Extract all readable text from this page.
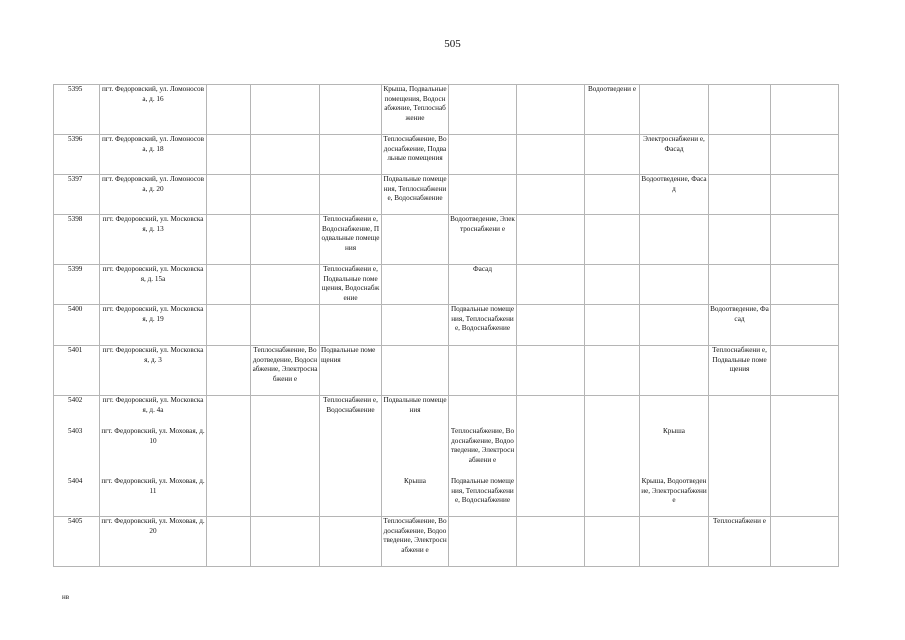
505
5395	пгт. Федоровский, ул. Ломоносова, д. 16				Крыша, Подвальные помещения, Водоснабжение, Теплоснабжение			Водоотведени е			
5396	пгт. Федоровский, ул. Ломоносова, д. 18				Теплоснабжение, Водоснабжение, Подвальные помещения				Электроснабжени е, Фасад		
5397	пгт. Федоровский, ул. Ломоносова, д. 20				Подвальные помещения, Теплоснабжение, Водоснабжение				Водоотведение, Фасад		
5398	пгт. Федоровский, ул. Московская, д. 13			Теплоснабжени е, Водоснабжение, Подвальные помещения		Водоотведение, Электроснабжени е					
5399	пгт. Федоровский, ул. Московская, д. 15а			Теплоснабжени е, Подвальные помещения, Водоснабжение		Фасад					
5400	пгт. Федоровский, ул. Московская, д. 19					Подвальные помещения, Теплоснабжение, Водоснабжение				Водоотведение, Фасад	
5401	пгт. Федоровский, ул. Московская, д. 3		Теплоснабжение, Водоотведение, Водоснабжение, Электроснабжени е	Подвальные помещения						Теплоснабжени е, Подвальные помещения	
5402	пгт. Федоровский, ул. Московская, д. 4а			Теплоснабжени е, Водоснабжение	Подвальные помещения						
5403	пгт. Федоровский, ул. Моховая, д. 10					Теплоснабжение, Водоснабжение, Водоотведение, Электроснабжени е			Крыша		
5404	пгт. Федоровский, ул. Моховая, д. 11				Крыша	Подвальные помещения, Теплоснабжение, Водоснабжение			Крыша, Водоотведение, Электроснабжени е		
5405	пгт. Федоровский, ул. Моховая, д. 20				Теплоснабжение, Водоснабжение, Водоотведение, Электроснабжени е					Теплоснабжени е	
нв
